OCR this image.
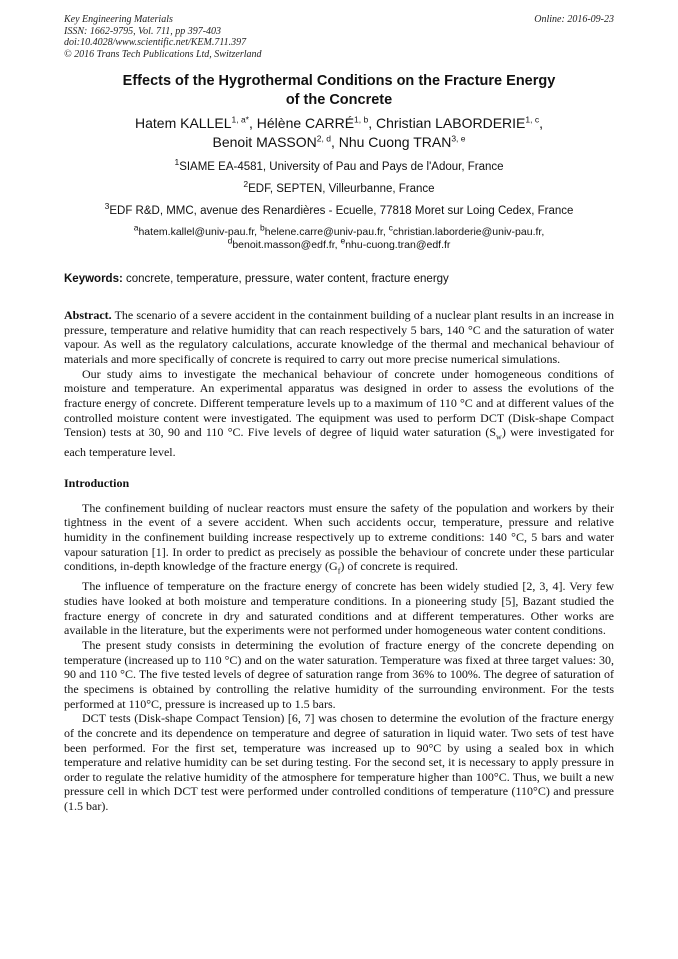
Key Engineering Materials
ISSN: 1662-9795, Vol. 711, pp 397-403
doi:10.4028/www.scientific.net/KEM.711.397
© 2016 Trans Tech Publications Ltd, Switzerland
Online: 2016-09-23
Effects of the Hygrothermal Conditions on the Fracture Energy
of the Concrete
Hatem $KALLEL^{1, a*}$, Hélène CARRÉ$^{1, b}$, Christian LABORDERIE$^{1, c}$,
Benoit MASSON$^{2, d}$, Nhu Cuong TRAN$^{3, e}$
$^1$SIAME EA-4581, University of Pau and Pays de l'Adour, France
$^2$EDF, SEPTEN, Villeurbanne, France
$^3$EDF R&D, MMC, avenue des Renardières - Ecuelle, 77818 Moret sur Loing Cedex, France
$^a$hatem.kallel@univ-pau.fr, $^b$helene.carre@univ-pau.fr, $^c$christian.laborderie@univ-pau.fr,
$^d$benoit.masson@edf.fr, $^e$nhu-cuong.tran@edf.fr
Keywords: concrete, temperature, pressure, water content, fracture energy

Abstract. The scenario of a severe accident in the containment building of a nuclear plant results in an increase in pressure, temperature and relative humidity that can reach respectively 5 bars, 140 °C and the saturation of water vapour. As well as the regulatory calculations, accurate knowledge of the thermal and mechanical behaviour of materials and more specifically of concrete is required to carry out more precise numerical simulations.

Our study aims to investigate the mechanical behaviour of concrete under homogeneous conditions of moisture and temperature. An experimental apparatus was designed in order to assess the evolutions of the fracture energy of concrete. Different temperature levels up to a maximum of 110 °C and at different values of the controlled moisture content were investigated. The equipment was used to perform DCT (Disk-shape Compact Tension) tests at 30, 90 and 110 °C. Five levels of degree of liquid water saturation $(S_w)$ were investigated for each temperature level.

Introduction

The confinement building of nuclear reactors must ensure the safety of the population and workers by their tightness in the event of a severe accident. When such accidents occur, temperature, pressure and relative humidity in the confinement building increase respectively up to extreme conditions: 140 °C, 5 bars and water vapour saturation [1]. In order to predict as precisely as possible the behaviour of concrete under these particular conditions, in-depth knowledge of the fracture energy $(G_f)$ of concrete is required.

The influence of temperature on the fracture energy of concrete has been widely studied [2, 3, 4]. Very few studies have looked at both moisture and temperature conditions. In a pioneering study [5], Bazant studied the fracture energy of concrete in dry and saturated conditions and at different temperatures. Other works are available in the literature, but the experiments were not performed under homogeneous water content conditions.

The present study consists in determining the evolution of fracture energy of the concrete depending on temperature (increased up to 110 °C) and on the water saturation. Temperature was fixed at three target values: 30, 90 and 110 °C. The five tested levels of degree of saturation range from 36% to 100%. The degree of saturation of the specimens is obtained by controlling the relative humidity of the surrounding environment. For the tests performed at 110°C, pressure is increased up to 1.5 bars.

DCT tests (Disk-shape Compact Tension) [6, 7] was chosen to determine the evolution of the fracture energy of the concrete and its dependence on temperature and degree of saturation in liquid water. Two sets of test have been performed. For the first set, temperature was increased up to 90°C by using a sealed box in which temperature and relative humidity can be set during testing. For the second set, it is necessary to apply pressure in order to regulate the relative humidity of the atmosphere for temperature higher than 100°C. Thus, we built a new pressure cell in which DCT test were performed under controlled conditions of temperature (110°C) and pressure (1.5 bar).
